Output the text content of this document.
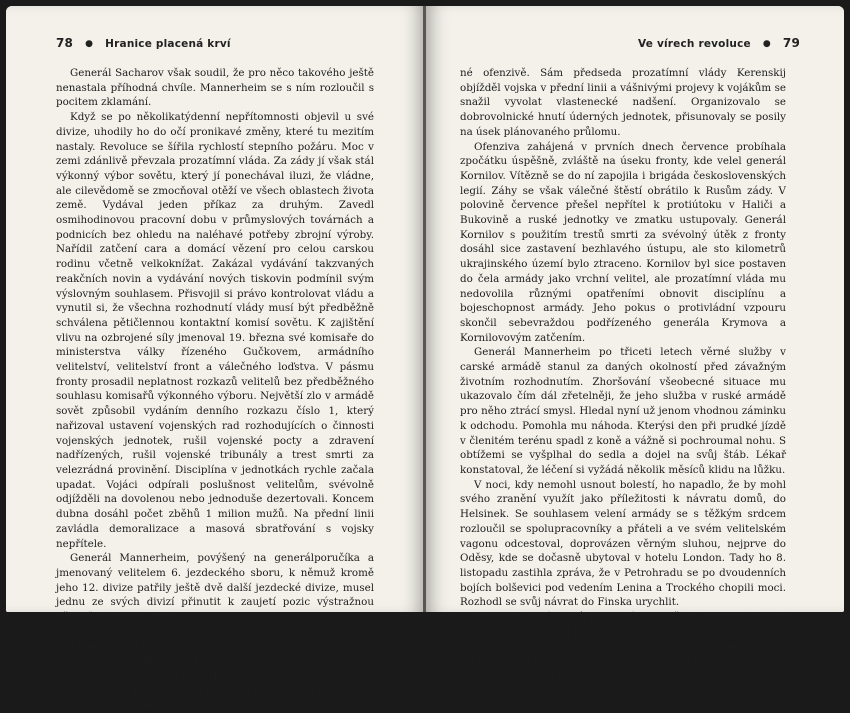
78 ● Hranice placená krví

Generál Sacharov však soudil, že pro něco takového ještě nenastala příhodná chvíle. Mannerheim se s ním rozloučil s pocitem zklamání.

Když se po několikatýdenní nepřítomnosti objevil u své divize, uhodily ho do očí pronikavé změny, které tu mezitím nastaly. Revoluce se šířila rychlostí stepního požáru. Moc v zemi zdánlivě převzala prozatímní vláda. Za zády jí však stál výkonný výbor sovětu, který jí ponechával iluzi, že vládne, ale cilevědomě se zmocňoval otěží ve všech oblastech života země. Vydával jeden příkaz za druhým. Zavedl osmihodinovou pracovní dobu v průmyslových továrnách a podnicích bez ohledu na naléhavé potřeby zbrojní výroby. Nařídil zatčení cara a domácí vězení pro celou carskou rodinu včetně velkoknížat. Zakázal vydávání takzvaných reakčních novin a vydávání nových tiskovin podmínil svým výslovným souhlasem. Přisvojil si právo kontrolovat vládu a vynutil si, že všechna rozhodnutí vlády musí být předběžně schválena pětičlennou kontaktní komisí sovětu. K zajištění vlivu na ozbrojené síly jmenoval 19. března své komisaře do ministerstva války řízeného Gučkovem, armádního velitelství, velitelství front a válečného loďstva. V pásmu fronty prosadil neplatnost rozkazů velitelů bez předběžného souhlasu komisařů výkonného výboru. Největší zlo v armádě sovět způsobil vydáním denního rozkazu číslo 1, který nařizoval ustavení vojenských rad rozhodujících o činnosti vojenských jednotek, rušil vojenské pocty a zdravení nadřízených, rušil vojenské tribunály a trest smrti za velezrádná provinění. Disciplína v jednotkách rychle začala upadat. Vojáci odpírali poslušnost velitelům, svévolně odjížděli na dovolenou nebo jednoduše dezertovali. Koncem dubna dosáhl počet zběhů 1 milion mužů. Na přední linii zavládla demoralizace a masová sbratřování s vojsky nepřítele.

Generál Mannerheim, povýšený na generálporučíka a jmenovaný velitelem 6. jezdeckého sboru, k němuž kromě jeho 12. divize patřily ještě dvě další jezdecké divize, musel jednu ze svých divizí přinutit k zaujetí pozic výstražnou dělostřeleckou palbou.

Na západní frontě se v té době převaha začala už zřetelně přiklánět na stranu britsko-francouzských vojsk. Vyhlídky Německa a Rakousko-Uherska se zejména po vstupu Spojených států amerických do války pronikavě zhoršovaly. Demokratické Rusko nechtělo zůstat ve válečných úspěších pozadu. Jeho armáda se připravovala k všeobec-

Ve vírech revoluce ● 79

né ofenzivě. Sám předseda prozatímní vlády Kerenskij objížděl vojska v přední linii a vášnivými projevy k vojákům se snažil vyvolat vlastenecké nadšení. Organizovalo se dobrovolnické hnutí úderných jednotek, přisunovaly se posily na úsek plánovaného průlomu.

Ofenziva zahájená v prvních dnech července probíhala zpočátku úspěšně, zvláště na úseku fronty, kde velel generál Kornilov. Vítězně se do ní zapojila i brigáda československých legií. Záhy se však válečné štěstí obrátilo k Rusům zády. V polovině července přešel nepřítel k protiútoku v Haliči a Bukovině a ruské jednotky ve zmatku ustupovaly. Generál Kornilov s použitím trestů smrti za svévolný útěk z fronty dosáhl sice zastavení bezhlavého ústupu, ale sto kilometrů ukrajinského území bylo ztraceno. Kornilov byl sice postaven do čela armády jako vrchní velitel, ale prozatímní vláda mu nedovolila různými opatřeními obnovit disciplínu a bojeschopnost armády. Jeho pokus o protivládní vzpouru skončil sebevraždou podřízeného generála Krymova a Kornilovovým zatčením.

Generál Mannerheim po třiceti letech věrné služby v carské armádě stanul za daných okolností před závažným životním rozhodnutím. Zhoršování všeobecné situace mu ukazovalo čím dál zřetelněji, že jeho služba v ruské armádě pro něho ztrácí smysl. Hledal nyní už jenom vhodnou záminku k odchodu. Pomohla mu náhoda. Kterýsi den při prudké jízdě v členitém terénu spadl z koně a vážně si pochroumal nohu. S obtížemi se vyšplhal do sedla a dojel na svůj štáb. Lékař konstatoval, že léčení si vyžádá několik měsíců klidu na lůžku.

V noci, kdy nemohl usnout bolestí, ho napadlo, že by mohl svého zranění využít jako příležitosti k návratu domů, do Helsinek. Se souhlasem velení armády se s těžkým srdcem rozloučil se spolupracovníky a přáteli a ve svém velitelském vagonu odcestoval, doprovázen věrným sluhou, nejprve do Oděsy, kde se dočasně ubytoval v hotelu London. Tady ho 8. listopadu zastihla zpráva, že v Petrohradu se po dvoudenních bojích bolševici pod vedením Lenina a Trockého chopili moci. Rozhodl se svůj návrat do Finska urychlit.

Obstaral si písemné povolení k cestě do Petrohradu. Za normálních okolností to byla záležitost dvou tří dnů, nyní však provoz na železnici provázely nepředstavitelné obtíže. Vlaky jezdily nepravidelně a vagony byly přeplněny tak, že cestující se do nich i ven museli někdy
